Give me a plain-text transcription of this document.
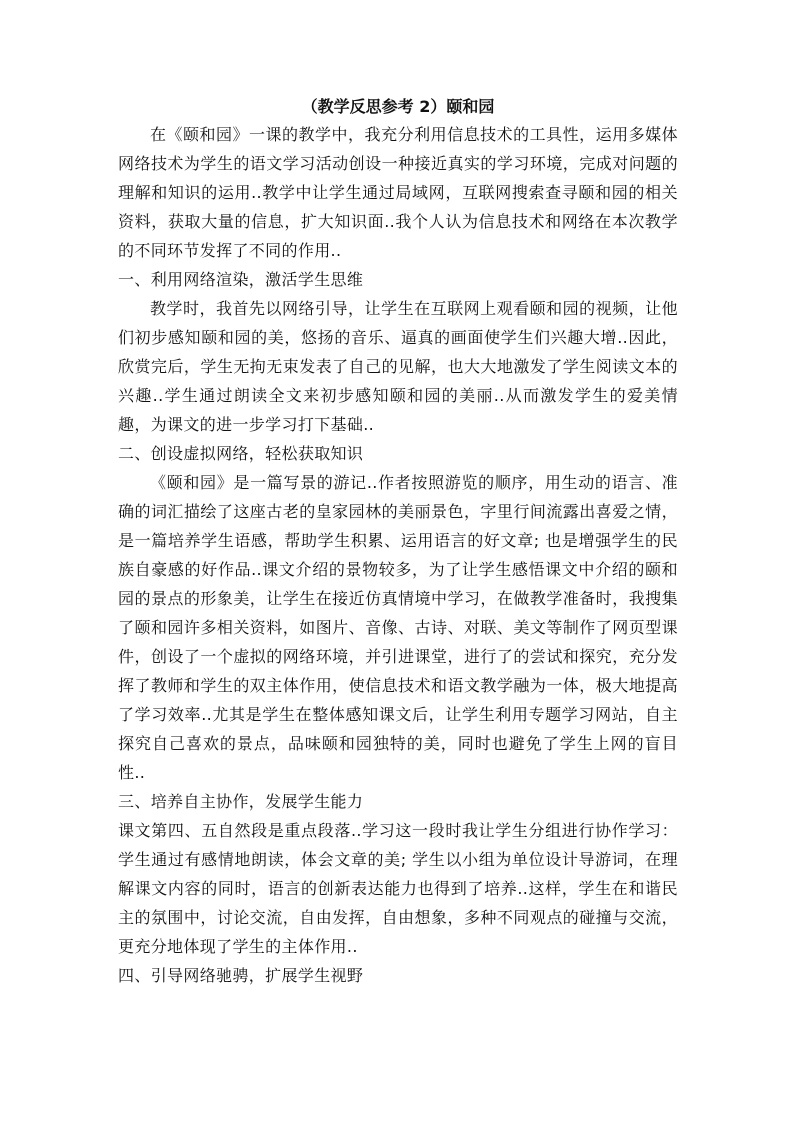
（教学反思参考 2）颐和园

在《颐和园》一课的教学中，我充分利用信息技术的工具性，运用多媒体网络技术为学生的语文学习活动创设一种接近真实的学习环境，完成对问题的理解和知识的运用..教学中让学生通过局域网，互联网搜索查寻颐和园的相关资料，获取大量的信息，扩大知识面..我个人认为信息技术和网络在本次教学的不同环节发挥了不同的作用..

一、利用网络渲染，激活学生思维

教学时，我首先以网络引导，让学生在互联网上观看颐和园的视频，让他们初步感知颐和园的美，悠扬的音乐、逼真的画面使学生们兴趣大增..因此，欣赏完后，学生无拘无束发表了自己的见解，也大大地激发了学生阅读文本的兴趣..学生通过朗读全文来初步感知颐和园的美丽..从而激发学生的爱美情趣，为课文的进一步学习打下基础..

二、创设虚拟网络，轻松获取知识

《颐和园》是一篇写景的游记..作者按照游览的顺序，用生动的语言、准确的词汇描绘了这座古老的皇家园林的美丽景色，字里行间流露出喜爱之情，是一篇培养学生语感，帮助学生积累、运用语言的好文章; 也是增强学生的民族自豪感的好作品..课文介绍的景物较多，为了让学生感悟课文中介绍的颐和园的景点的形象美，让学生在接近仿真情境中学习，在做教学准备时，我搜集了颐和园许多相关资料，如图片、音像、古诗、对联、美文等制作了网页型课件，创设了一个虚拟的网络环境，并引进课堂，进行了的尝试和探究，充分发挥了教师和学生的双主体作用，使信息技术和语文教学融为一体，极大地提高了学习效率..尤其是学生在整体感知课文后，让学生利用专题学习网站，自主探究自己喜欢的景点，品味颐和园独特的美，同时也避免了学生上网的盲目性..

三、培养自主协作，发展学生能力

课文第四、五自然段是重点段落..学习这一段时我让学生分组进行协作学习：学生通过有感情地朗读，体会文章的美; 学生以小组为单位设计导游词，在理解课文内容的同时，语言的创新表达能力也得到了培养..这样，学生在和谐民主的氛围中，讨论交流，自由发挥，自由想象，多种不同观点的碰撞与交流，更充分地体现了学生的主体作用..

四、引导网络驰骋，扩展学生视野
